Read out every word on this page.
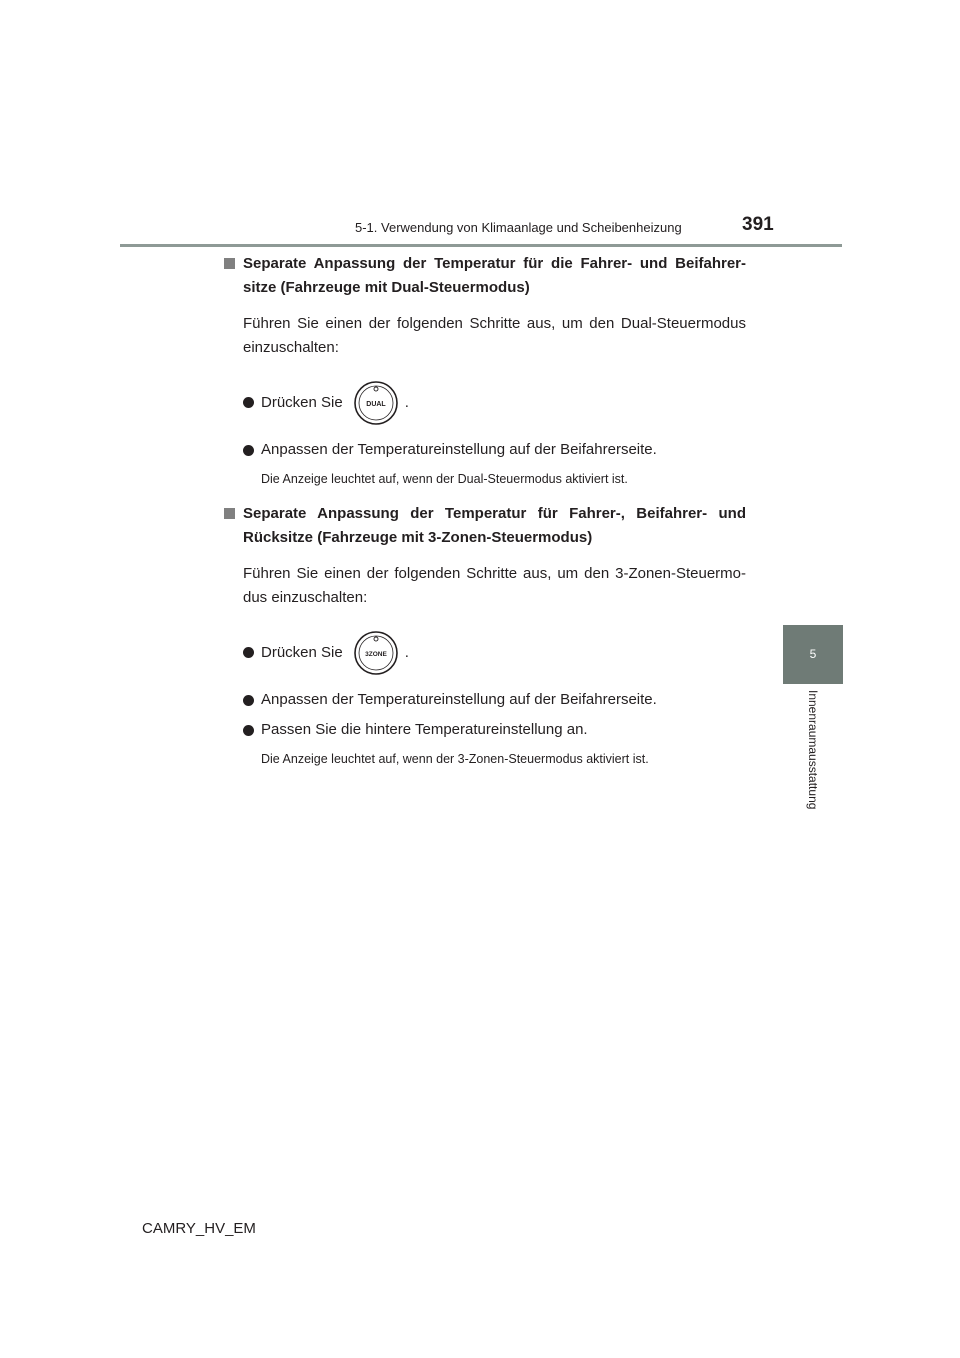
5-1. Verwendung von Klimaanlage und Scheibenheizung	391
5
Innenraumausstattung
Separate Anpassung der Temperatur für die Fahrer- und Beifahrer-sitze (Fahrzeuge mit Dual-Steuermodus)

Führen Sie einen der folgenden Schritte aus, um den Dual-Steuermodus einzuschalten:

Drücken Sie	DUAL .
Anpassen der Temperatureinstellung auf der Beifahrerseite.

Die Anzeige leuchtet auf, wenn der Dual-Steuermodus aktiviert ist.

Separate Anpassung der Temperatur für Fahrer-, Beifahrer- und Rücksitze (Fahrzeuge mit 3-Zonen-Steuermodus)

Führen Sie einen der folgenden Schritte aus, um den 3-Zonen-Steuermo-dus einzuschalten:

Drücken Sie	3ZONE .
Anpassen der Temperatureinstellung auf der Beifahrerseite.
Passen Sie die hintere Temperatureinstellung an.

Die Anzeige leuchtet auf, wenn der 3-Zonen-Steuermodus aktiviert ist.

CAMRY_HV_EM
